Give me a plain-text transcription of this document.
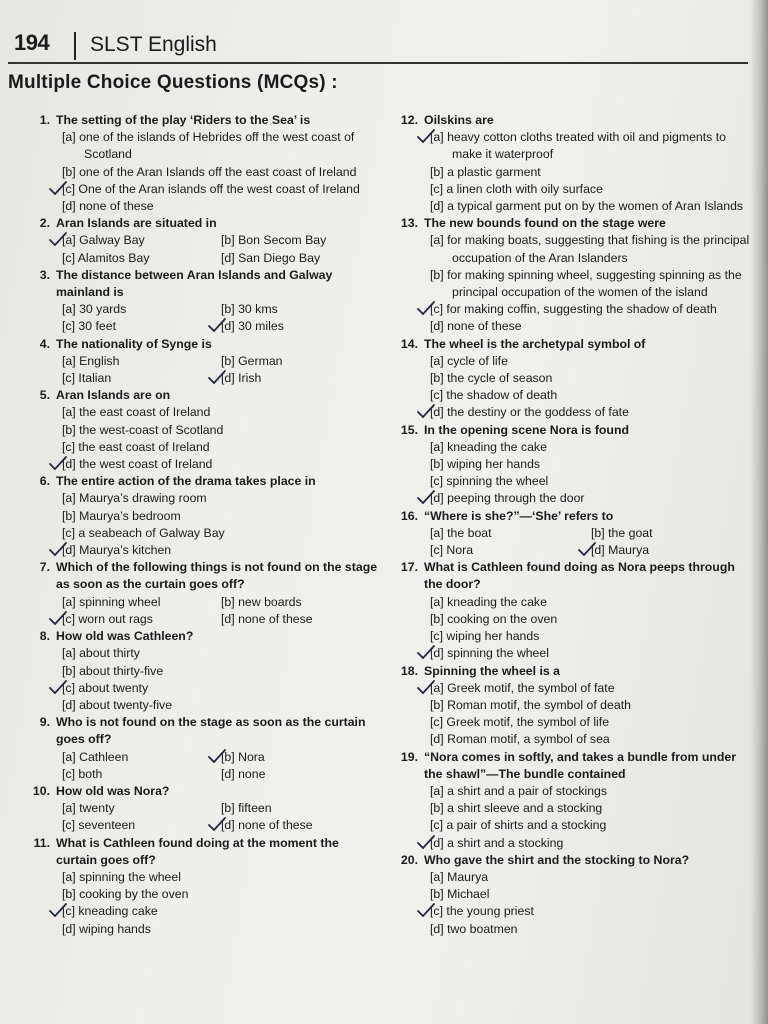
194 SLST English
Multiple Choice Questions (MCQs) :
1. The setting of the play ‘Riders to the Sea’ is
[a] one of the islands of Hebrides off the west coast of Scotland
[b] one of the Aran Islands off the east coast of Ireland
[c] One of the Aran islands off the west coast of Ireland
[d] none of these
2. Aran Islands are situated in
[a] Galway Bay	[b] Bon Secom Bay
[c] Alamitos Bay	[d] San Diego Bay
3. The distance between Aran Islands and Galway mainland is
[a] 30 yards	[b] 30 kms
[c] 30 feet	[d] 30 miles
4. The nationality of Synge is
[a] English	[b] German
[c] Italian	[d] Irish
5. Aran Islands are on
[a] the east coast of Ireland
[b] the west-coast of Scotland
[c] the east coast of Ireland
[d] the west coast of Ireland
6. The entire action of the drama takes place in
[a] Maurya’s drawing room
[b] Maurya’s bedroom
[c] a seabeach of Galway Bay
[d] Maurya’s kitchen
7. Which of the following things is not found on the stage as soon as the curtain goes off?
[a] spinning wheel	[b] new boards
[c] worn out rags	[d] none of these
8. How old was Cathleen?
[a] about thirty
[b] about thirty-five
[c] about twenty
[d] about twenty-five
9. Who is not found on the stage as soon as the curtain goes off?
[a] Cathleen	[b] Nora
[c] both	[d] none
10. How old was Nora?
[a] twenty	[b] fifteen
[c] seventeen	[d] none of these
11. What is Cathleen found doing at the moment the curtain goes off?
[a] spinning the wheel
[b] cooking by the oven
[c] kneading cake
[d] wiping hands
12. Oilskins are
[a] heavy cotton cloths treated with oil and pigments to make it waterproof
[b] a plastic garment
[c] a linen cloth with oily surface
[d] a typical garment put on by the women of Aran Islands
13. The new bounds found on the stage were
[a] for making boats, suggesting that fishing is the principal occupation of the Aran Islanders
[b] for making spinning wheel, suggesting spinning as the principal occupation of the women of the island
[c] for making coffin, suggesting the shadow of death
[d] none of these
14. The wheel is the archetypal symbol of
[a] cycle of life
[b] the cycle of season
[c] the shadow of death
[d] the destiny or the goddess of fate
15. In the opening scene Nora is found
[a] kneading the cake
[b] wiping her hands
[c] spinning the wheel
[d] peeping through the door
16. “Where is she?”—‘She’ refers to
[a] the boat	[b] the goat
[c] Nora	[d] Maurya
17. What is Cathleen found doing as Nora peeps through the door?
[a] kneading the cake
[b] cooking on the oven
[c] wiping her hands
[d] spinning the wheel
18. Spinning the wheel is a
[a] Greek motif, the symbol of fate
[b] Roman motif, the symbol of death
[c] Greek motif, the symbol of life
[d] Roman motif, a symbol of sea
19. “Nora comes in softly, and takes a bundle from under the shawl”—The bundle contained
[a] a shirt and a pair of stockings
[b] a shirt sleeve and a stocking
[c] a pair of shirts and a stocking
[d] a shirt and a stocking
20. Who gave the shirt and the stocking to Nora?
[a] Maurya
[b] Michael
[c] the young priest
[d] two boatmen
